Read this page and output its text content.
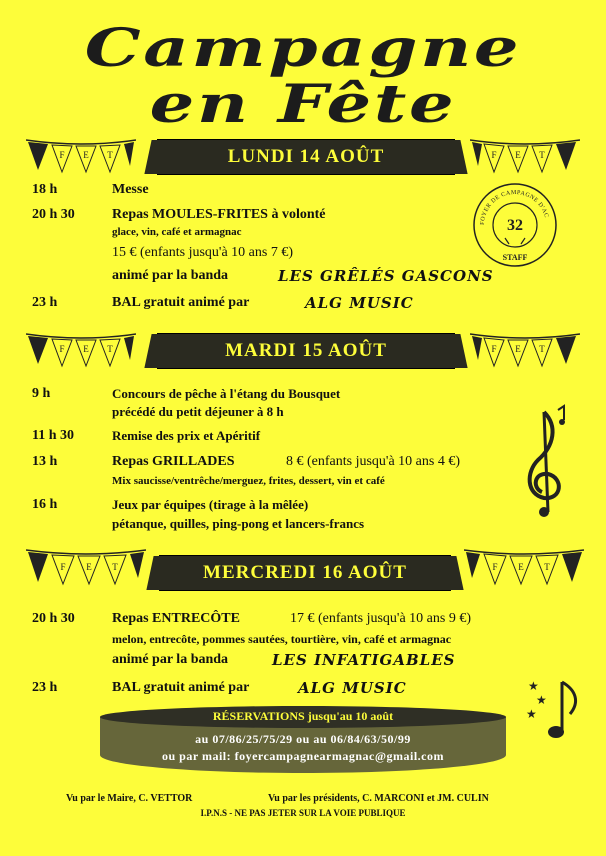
Campagne
en Fête
F E T	LUNDI 14 AOÛT	F E T
18 h	Messe
20 h 30	Repas MOULES-FRITES à volonté
glace, vin, café et armagnac
15 € (enfants jusqu'à 10 ans 7 €)
animé par la banda	LES GRÊLÉS GASCONS
23 h	BAL gratuit animé par	ALG MUSIC
FOYER DE CAMPAGNE D'AC
32
STAFF
F E T	MARDI 15 AOÛT	F E T
9 h	Concours de pêche à l'étang du Bousquet
précédé du petit déjeuner à 8 h
11 h 30	Remise des prix et Apéritif
13 h	Repas GRILLADES	8 € (enfants jusqu'à 10 ans 4 €)
Mix saucisse/ventrêche/merguez, frites, dessert, vin et café
16 h	Jeux par équipes (tirage à la mêlée)
pétanque, quilles, ping-pong et lancers-francs
F E T	MERCREDI 16 AOÛT	F E T
20 h 30	Repas ENTRECÔTE	17 € (enfants jusqu'à 10 ans 9 €)
melon, entrecôte, pommes sautées, tourtière, vin, café et armagnac
animé par la banda	LES INFATIGABLES
23 h	BAL gratuit animé par	ALG MUSIC	★
★
★
RÉSERVATIONS jusqu'au 10 août
au 07/86/25/75/29 ou au 06/84/63/50/99
ou par mail: foyercampagnearmagnac@gmail.com
Vu par le Maire, C. VETTOR	Vu par les présidents, C. MARCONI et JM. CULIN
I.P.N.S - NE PAS JETER SUR LA VOIE PUBLIQUE
